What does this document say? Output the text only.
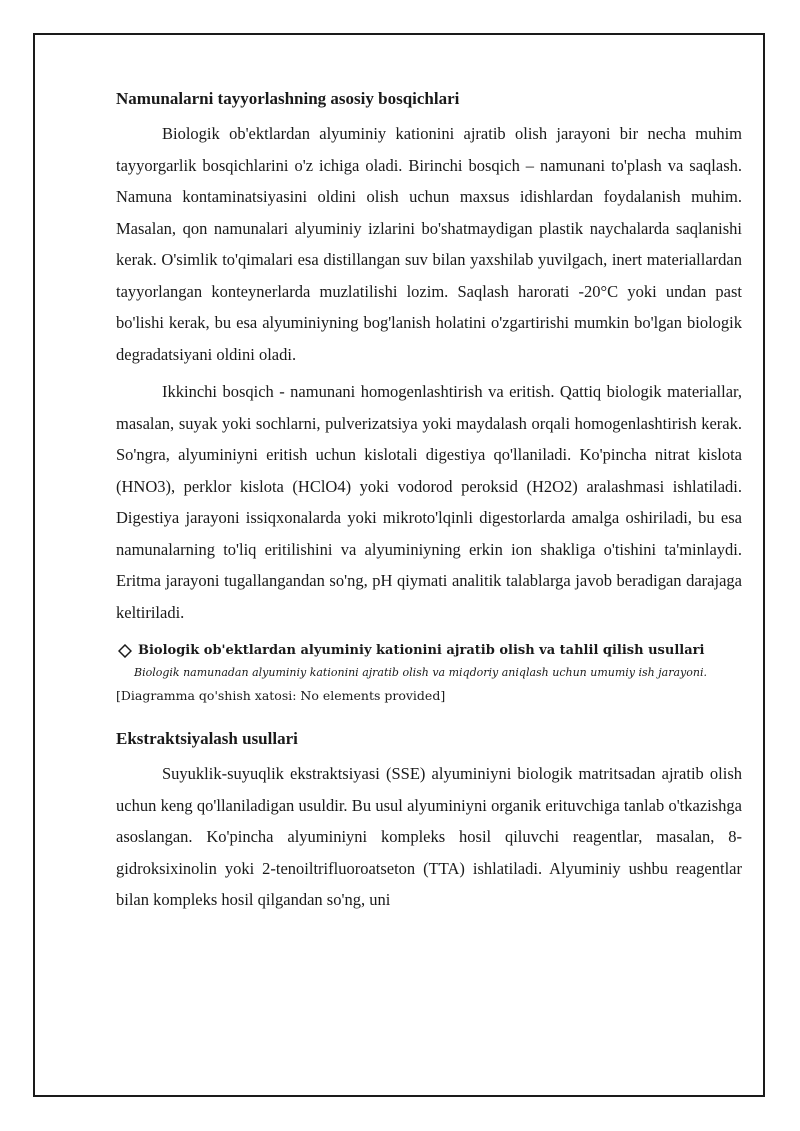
Namunalarni tayyorlashning asosiy bosqichlari

Biologik ob'ektlardan alyuminiy kationini ajratib olish jarayoni bir necha muhim tayyorgarlik bosqichlarini o'z ichiga oladi. Birinchi bosqich – namunani to'plash va saqlash. Namuna kontaminatsiyasini oldini olish uchun maxsus idishlardan foydalanish muhim. Masalan, qon namunalari alyuminiy izlarini bo'shatmaydigan plastik naychalarda saqlanishi kerak. O'simlik to'qimalari esa distillangan suv bilan yaxshilab yuvilgach, inert materiallardan tayyorlangan konteynerlarda muzlatilishi lozim. Saqlash harorati -20°C yoki undan past bo'lishi kerak, bu esa alyuminiyning bog'lanish holatini o'zgartirishi mumkin bo'lgan biologik degradatsiyani oldini oladi.

Ikkinchi bosqich - namunani homogenlashtirish va eritish. Qattiq biologik materiallar, masalan, suyak yoki sochlarni, pulverizatsiya yoki maydalash orqali homogenlashtirish kerak. So'ngra, alyuminiyni eritish uchun kislotali digestiya qo'llaniladi. Ko'pincha nitrat kislota (HNO3), perklor kislota (HClO4) yoki vodorod peroksid (H2O2) aralashmasi ishlatiladi. Digestiya jarayoni issiqxonalarda yoki mikroto'lqinli digestorlarda amalga oshiriladi, bu esa namunalarning to'liq eritilishini va alyuminiyning erkin ion shakliga o'tishini ta'minlaydi. Eritma jarayoni tugallangandan so'ng, pH qiymati analitik talablarga javob beradigan darajaga keltiriladi.

Biologik ob'ektlardan alyuminiy kationini ajratib olish va tahlil qilish usullari
Biologik namunadan alyuminiy kationini ajratib olish va miqdoriy aniqlash uchun umumiy ish jarayoni.
[Diagramma qo'shish xatosi: No elements provided]
Ekstraktsiyalash usullari

Suyuklik-suyuqlik ekstraktsiyasi (SSE) alyuminiyni biologik matritsadan ajratib olish uchun keng qo'llaniladigan usuldir. Bu usul alyuminiyni organik erituvchiga tanlab o'tkazishga asoslangan. Ko'pincha alyuminiyni kompleks hosil qiluvchi reagentlar, masalan, 8-gidroksixinolin yoki 2-tenoiltrifluoroatseton (TTA) ishlatiladi. Alyuminiy ushbu reagentlar bilan kompleks hosil qilgandan so'ng, uni
